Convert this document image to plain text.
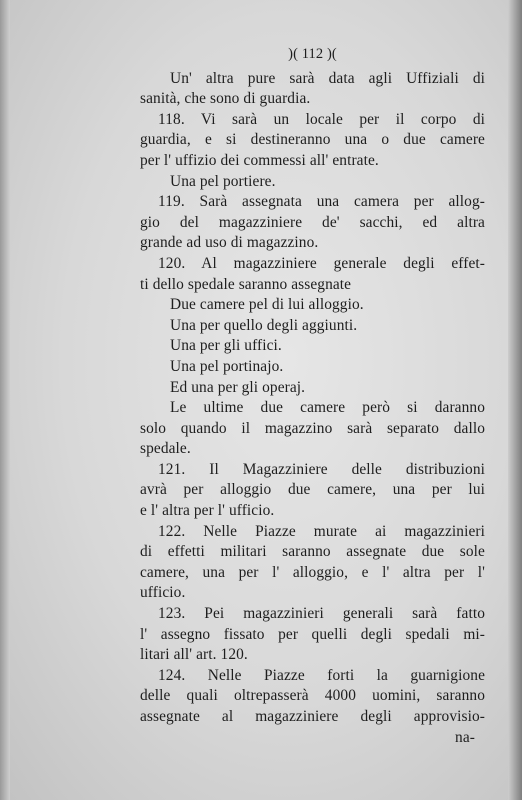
)( 112 )(
Un' altra pure sarà data agli Uffiziali di
sanità, che sono di guardia.
118. Vi sarà un locale per il corpo di
guardia, e si destineranno una o due camere
per l' uffizio dei commessi all' entrate.
Una pel portiere.
119. Sarà assegnata una camera per allog-
gio del magazziniere de' sacchi, ed altra
grande ad uso di magazzino.
120. Al magazziniere generale degli effet-
ti dello spedale saranno assegnate
Due camere pel di lui alloggio.
Una per quello degli aggiunti.
Una per gli uffici.
Una pel portinajo.
Ed una per gli operaj.
Le ultime due camere però si daranno
solo quando il magazzino sarà separato dallo
spedale.
121. Il Magazziniere delle distribuzioni
avrà per alloggio due camere, una per lui
e l' altra per l' ufficio.
122. Nelle Piazze murate ai magazzinieri
di effetti militari saranno assegnate due sole
camere, una per l' alloggio, e l' altra per l'
ufficio.
123. Pei magazzinieri generali sarà fatto
l' assegno fissato per quelli degli spedali mi-
litari all' art. 120.
124. Nelle Piazze forti la guarnigione
delle quali oltrepasserà 4000 uomini, saranno
assegnate al magazziniere degli approvisio-
na-
